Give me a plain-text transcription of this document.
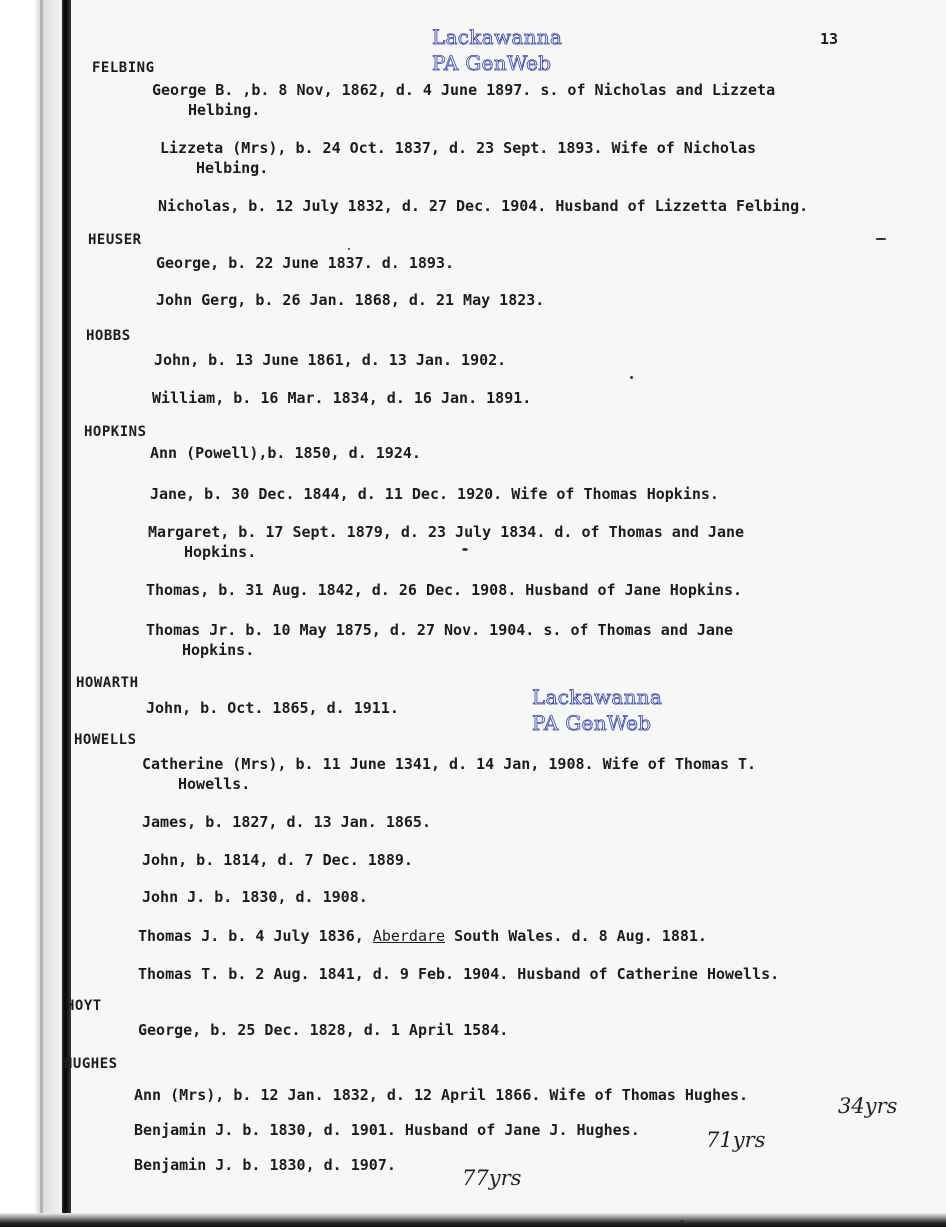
Lackawanna
PA GenWeb
Lackawanna
PA GenWeb
13
FELBING
George B. ,b. 8 Nov, 1862, d. 4 June 1897. s. of Nicholas and Lizzeta
Helbing.
Lizzeta (Mrs), b. 24 Oct. 1837, d. 23 Sept. 1893. Wife of Nicholas
Helbing.
Nicholas, b. 12 July 1832, d. 27 Dec. 1904. Husband of Lizzetta Felbing.
HEUSER
George, b. 22 June 1837. d. 1893.
John Gerg, b. 26 Jan. 1868, d. 21 May 1823.
HOBBS
John, b. 13 June 1861, d. 13 Jan. 1902.
William, b. 16 Mar. 1834, d. 16 Jan. 1891.
HOPKINS
Ann (Powell),b. 1850, d. 1924.
Jane, b. 30 Dec. 1844, d. 11 Dec. 1920. Wife of Thomas Hopkins.
Margaret, b. 17 Sept. 1879, d. 23 July 1834. d. of Thomas and Jane
Hopkins.
Thomas, b. 31 Aug. 1842, d. 26 Dec. 1908. Husband of Jane Hopkins.
Thomas Jr. b. 10 May 1875, d. 27 Nov. 1904. s. of Thomas and Jane
Hopkins.
HOWARTH
John, b. Oct. 1865, d. 1911.
HOWELLS
Catherine (Mrs), b. 11 June 1341, d. 14 Jan, 1908. Wife of Thomas T.
Howells.
James, b. 1827, d. 13 Jan. 1865.
John, b. 1814, d. 7 Dec. 1889.
John J. b. 1830, d. 1908.
Thomas J. b. 4 July 1836, Aberdare South Wales. d. 8 Aug. 1881.
Thomas T. b. 2 Aug. 1841, d. 9 Feb. 1904. Husband of Catherine Howells.
HOYT
George, b. 25 Dec. 1828, d. 1 April 1584.
HUGHES
Ann (Mrs), b. 12 Jan. 1832, d. 12 April 1866. Wife of Thomas Hughes.
Benjamin J. b. 1830, d. 1901. Husband of Jane J. Hughes.
Benjamin J. b. 1830, d. 1907.
34yrs
71yrs
77yrs
